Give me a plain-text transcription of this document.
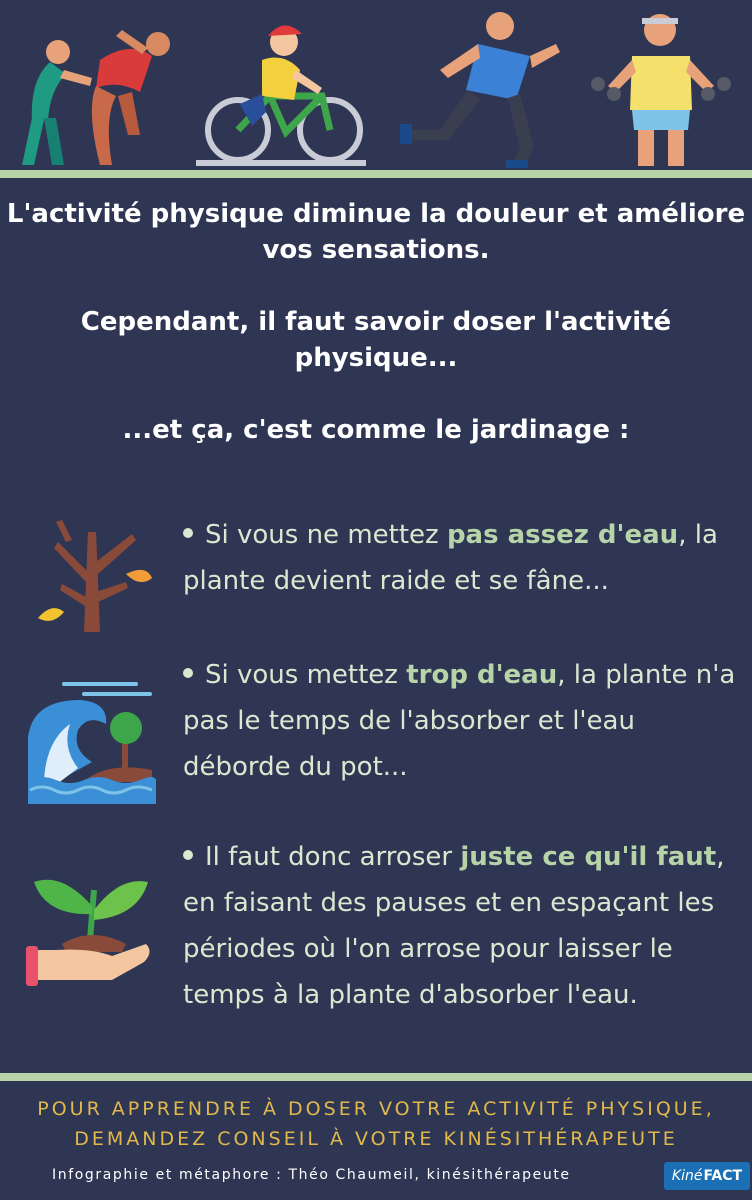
L'activité physique diminue la douleur et améliore vos sensations.

Cependant, il faut savoir doser l'activité physique...

...et ça, c'est comme le jardinage :

Si vous ne mettez pas assez d'eau, la plante devient raide et se fâne...
Si vous mettez trop d'eau, la plante n'a pas le temps de l'absorber et l'eau déborde du pot...
Il faut donc arroser juste ce qu'il faut, en faisant des pauses et en espaçant les périodes où l'on arrose pour laisser le temps à la plante d'absorber l'eau.
POUR APPRENDRE À DOSER VOTRE ACTIVITÉ PHYSIQUE,
DEMANDEZ CONSEIL À VOTRE KINÉSITHÉRAPEUTE
Infographie et métaphore : Théo Chaumeil, kinésithérapeute	Kiné FACT
